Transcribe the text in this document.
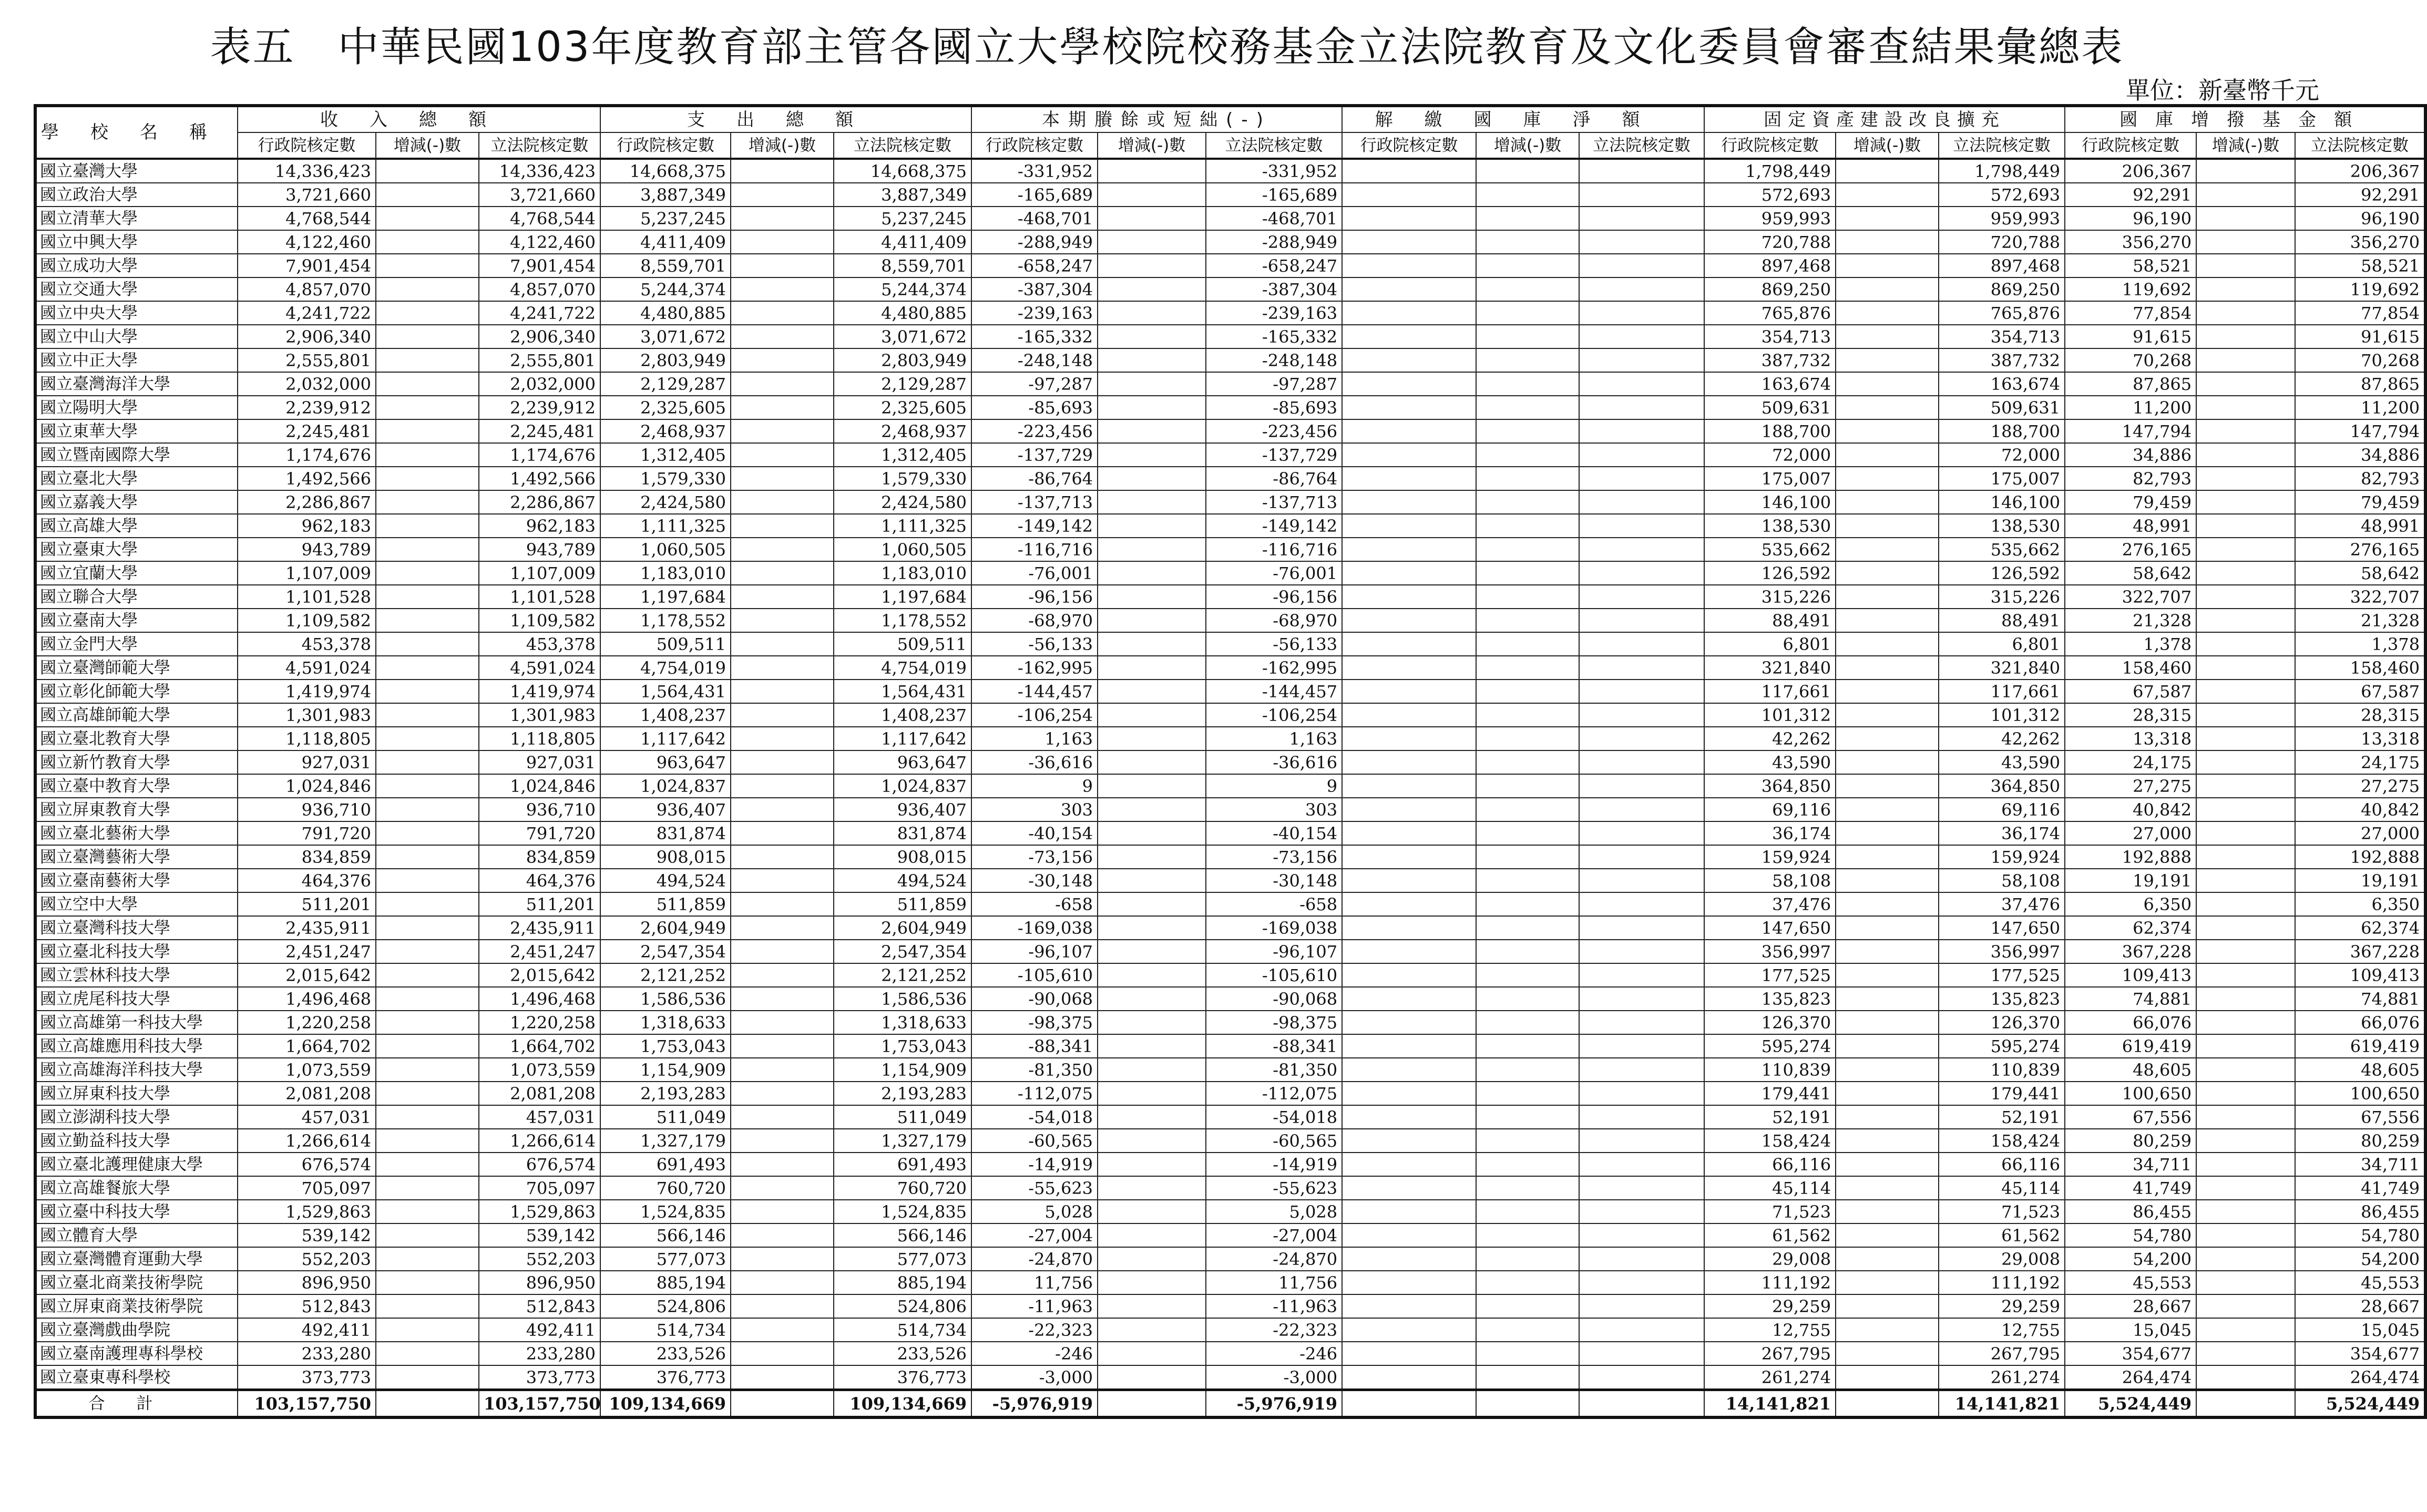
表五　中華民國103年度教育部主管各國立大學校院校務基金立法院教育及文化委員會審查結果彙總表
單位：新臺幣千元
學校名稱	收入總額			支出總額			本期賸餘或短絀(-)			解繳國庫淨額			固定資產建設改良擴充			國庫增撥基金額		
	行政院核定數	增減(-)數	立法院核定數	行政院核定數	增減(-)數	立法院核定數	行政院核定數	增減(-)數	立法院核定數	行政院核定數	增減(-)數	立法院核定數	行政院核定數	增減(-)數	立法院核定數	行政院核定數	增減(-)數	立法院核定數
國立臺灣大學	14,336,423		14,336,423	14,668,375		14,668,375	-331,952		-331,952				1,798,449		1,798,449	206,367		206,367
國立政治大學	3,721,660		3,721,660	3,887,349		3,887,349	-165,689		-165,689				572,693		572,693	92,291		92,291
國立清華大學	4,768,544		4,768,544	5,237,245		5,237,245	-468,701		-468,701				959,993		959,993	96,190		96,190
國立中興大學	4,122,460		4,122,460	4,411,409		4,411,409	-288,949		-288,949				720,788		720,788	356,270		356,270
國立成功大學	7,901,454		7,901,454	8,559,701		8,559,701	-658,247		-658,247				897,468		897,468	58,521		58,521
國立交通大學	4,857,070		4,857,070	5,244,374		5,244,374	-387,304		-387,304				869,250		869,250	119,692		119,692
國立中央大學	4,241,722		4,241,722	4,480,885		4,480,885	-239,163		-239,163				765,876		765,876	77,854		77,854
國立中山大學	2,906,340		2,906,340	3,071,672		3,071,672	-165,332		-165,332				354,713		354,713	91,615		91,615
國立中正大學	2,555,801		2,555,801	2,803,949		2,803,949	-248,148		-248,148				387,732		387,732	70,268		70,268
國立臺灣海洋大學	2,032,000		2,032,000	2,129,287		2,129,287	-97,287		-97,287				163,674		163,674	87,865		87,865
國立陽明大學	2,239,912		2,239,912	2,325,605		2,325,605	-85,693		-85,693				509,631		509,631	11,200		11,200
國立東華大學	2,245,481		2,245,481	2,468,937		2,468,937	-223,456		-223,456				188,700		188,700	147,794		147,794
國立暨南國際大學	1,174,676		1,174,676	1,312,405		1,312,405	-137,729		-137,729				72,000		72,000	34,886		34,886
國立臺北大學	1,492,566		1,492,566	1,579,330		1,579,330	-86,764		-86,764				175,007		175,007	82,793		82,793
國立嘉義大學	2,286,867		2,286,867	2,424,580		2,424,580	-137,713		-137,713				146,100		146,100	79,459		79,459
國立高雄大學	962,183		962,183	1,111,325		1,111,325	-149,142		-149,142				138,530		138,530	48,991		48,991
國立臺東大學	943,789		943,789	1,060,505		1,060,505	-116,716		-116,716				535,662		535,662	276,165		276,165
國立宜蘭大學	1,107,009		1,107,009	1,183,010		1,183,010	-76,001		-76,001				126,592		126,592	58,642		58,642
國立聯合大學	1,101,528		1,101,528	1,197,684		1,197,684	-96,156		-96,156				315,226		315,226	322,707		322,707
國立臺南大學	1,109,582		1,109,582	1,178,552		1,178,552	-68,970		-68,970				88,491		88,491	21,328		21,328
國立金門大學	453,378		453,378	509,511		509,511	-56,133		-56,133				6,801		6,801	1,378		1,378
國立臺灣師範大學	4,591,024		4,591,024	4,754,019		4,754,019	-162,995		-162,995				321,840		321,840	158,460		158,460
國立彰化師範大學	1,419,974		1,419,974	1,564,431		1,564,431	-144,457		-144,457				117,661		117,661	67,587		67,587
國立高雄師範大學	1,301,983		1,301,983	1,408,237		1,408,237	-106,254		-106,254				101,312		101,312	28,315		28,315
國立臺北教育大學	1,118,805		1,118,805	1,117,642		1,117,642	1,163		1,163				42,262		42,262	13,318		13,318
國立新竹教育大學	927,031		927,031	963,647		963,647	-36,616		-36,616				43,590		43,590	24,175		24,175
國立臺中教育大學	1,024,846		1,024,846	1,024,837		1,024,837	9		9				364,850		364,850	27,275		27,275
國立屏東教育大學	936,710		936,710	936,407		936,407	303		303				69,116		69,116	40,842		40,842
國立臺北藝術大學	791,720		791,720	831,874		831,874	-40,154		-40,154				36,174		36,174	27,000		27,000
國立臺灣藝術大學	834,859		834,859	908,015		908,015	-73,156		-73,156				159,924		159,924	192,888		192,888
國立臺南藝術大學	464,376		464,376	494,524		494,524	-30,148		-30,148				58,108		58,108	19,191		19,191
國立空中大學	511,201		511,201	511,859		511,859	-658		-658				37,476		37,476	6,350		6,350
國立臺灣科技大學	2,435,911		2,435,911	2,604,949		2,604,949	-169,038		-169,038				147,650		147,650	62,374		62,374
國立臺北科技大學	2,451,247		2,451,247	2,547,354		2,547,354	-96,107		-96,107				356,997		356,997	367,228		367,228
國立雲林科技大學	2,015,642		2,015,642	2,121,252		2,121,252	-105,610		-105,610				177,525		177,525	109,413		109,413
國立虎尾科技大學	1,496,468		1,496,468	1,586,536		1,586,536	-90,068		-90,068				135,823		135,823	74,881		74,881
國立高雄第一科技大學	1,220,258		1,220,258	1,318,633		1,318,633	-98,375		-98,375				126,370		126,370	66,076		66,076
國立高雄應用科技大學	1,664,702		1,664,702	1,753,043		1,753,043	-88,341		-88,341				595,274		595,274	619,419		619,419
國立高雄海洋科技大學	1,073,559		1,073,559	1,154,909		1,154,909	-81,350		-81,350				110,839		110,839	48,605		48,605
國立屏東科技大學	2,081,208		2,081,208	2,193,283		2,193,283	-112,075		-112,075				179,441		179,441	100,650		100,650
國立澎湖科技大學	457,031		457,031	511,049		511,049	-54,018		-54,018				52,191		52,191	67,556		67,556
國立勤益科技大學	1,266,614		1,266,614	1,327,179		1,327,179	-60,565		-60,565				158,424		158,424	80,259		80,259
國立臺北護理健康大學	676,574		676,574	691,493		691,493	-14,919		-14,919				66,116		66,116	34,711		34,711
國立高雄餐旅大學	705,097		705,097	760,720		760,720	-55,623		-55,623				45,114		45,114	41,749		41,749
國立臺中科技大學	1,529,863		1,529,863	1,524,835		1,524,835	5,028		5,028				71,523		71,523	86,455		86,455
國立體育大學	539,142		539,142	566,146		566,146	-27,004		-27,004				61,562		61,562	54,780		54,780
國立臺灣體育運動大學	552,203		552,203	577,073		577,073	-24,870		-24,870				29,008		29,008	54,200		54,200
國立臺北商業技術學院	896,950		896,950	885,194		885,194	11,756		11,756				111,192		111,192	45,553		45,553
國立屏東商業技術學院	512,843		512,843	524,806		524,806	-11,963		-11,963				29,259		29,259	28,667		28,667
國立臺灣戲曲學院	492,411		492,411	514,734		514,734	-22,323		-22,323				12,755		12,755	15,045		15,045
國立臺南護理專科學校	233,280		233,280	233,526		233,526	-246		-246				267,795		267,795	354,677		354,677
國立臺東專科學校	373,773		373,773	376,773		376,773	-3,000		-3,000				261,274		261,274	264,474		264,474
合計	103,157,750		103,157,750	109,134,669		109,134,669	-5,976,919		-5,976,919				14,141,821		14,141,821	5,524,449		5,524,449
